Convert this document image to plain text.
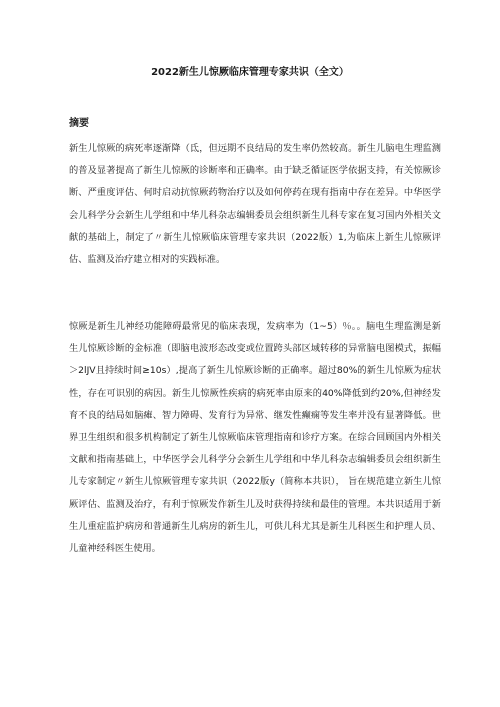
2022新生儿惊厥临床管理专家共识（全文）
摘要

新生儿惊厥的病死率逐渐降（氐，但远期不良结局的发生率仍然较高。新生儿脑电生理监测的普及显著提高了新生儿惊厥的诊断率和正确率。由于缺乏循证医学依据支持，有关惊厥诊断、严重度评估、何时启动抗惊厥药物治疗以及如何停药在现有指南中存在差异。中华医学会儿科学分会新生儿学组和中华儿科杂志编辑委员会组织新生儿科专家在复习国内外相关文献的基础上，制定了〃新生儿惊厥临床管理专家共识（2022版）1,为临床上新生儿惊厥评估、监测及治疗建立相对的实践标准。

惊厥是新生儿神经功能障碍最常见的临床表现，发病率为（1~5）％。。脑电生理监测是新生儿惊厥诊断的金标准（即脑电波形态改变或位置跨头部区域转移的异常脑电图模式，振幅＞2lJV且持续时间≥10s）,提高了新生儿惊厥诊断的正确率。超过80%的新生儿惊厥为症状性，存在可识别的病因。新生儿惊厥性疾病的病死率由原来的40%降低到约20%,但神经发育不良的结局如脑瘫、智力障碍、发育行为异常、继发性癫痫等发生率并没有显著降低。世界卫生组织和很多机构制定了新生儿惊厥临床管理指南和诊疗方案。在综合回顾国内外相关文献和指南基础上，中华医学会儿科学分会新生儿学组和中华儿科杂志编辑委员会组织新生儿专家制定〃新生儿惊厥管理专家共识（2022版y（简称本共识）， 旨在规范建立新生儿惊厥评估、监测及治疗，有利于惊厥发作新生儿及时获得持续和最佳的管理。本共识适用于新生儿重症监护病房和普通新生儿病房的新生儿，可供儿科尤其是新生儿科医生和护理人员、儿童神经科医生使用。
